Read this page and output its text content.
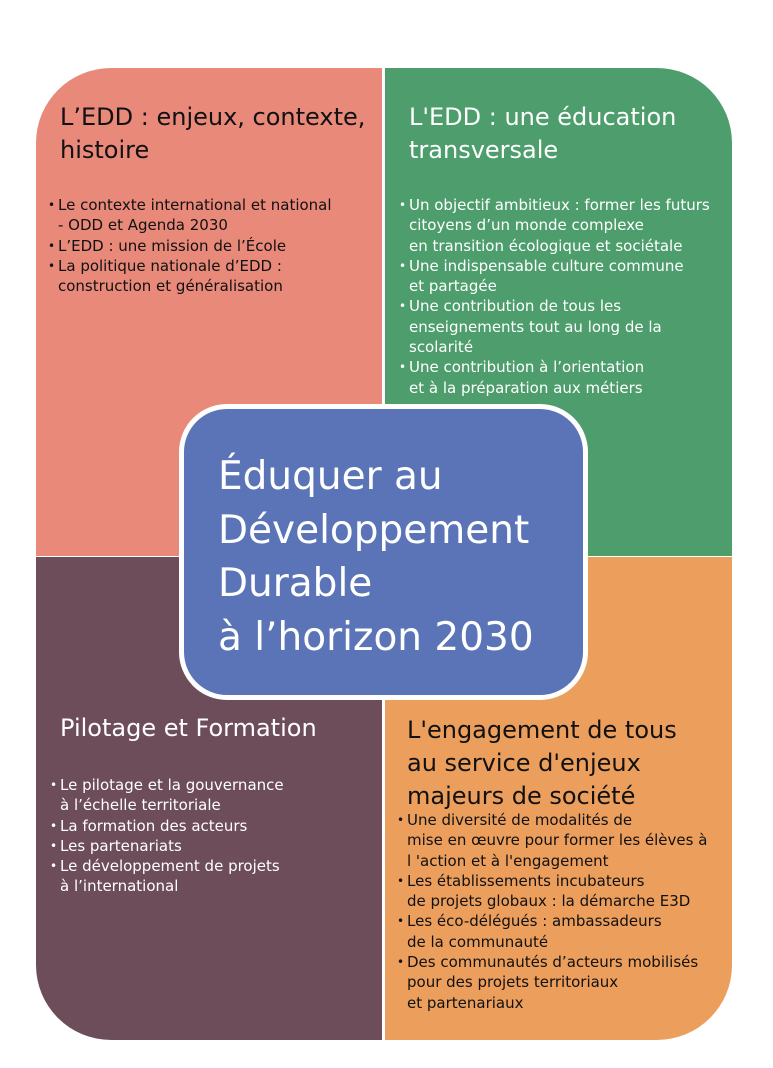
L’EDD : enjeux, contexte,
histoire
• Le contexte international et national
- ODD et Agenda 2030
• L’EDD : une mission de l’École
• La politique nationale d’EDD :
construction et généralisation
L'EDD : une éducation
transversale
• Un objectif ambitieux : former les futurs
citoyens d’un monde complexe
en transition écologique et sociétale
• Une indispensable culture commune
et partagée
• Une contribution de tous les
enseignements tout au long de la
scolarité
• Une contribution à l’orientation
et à la préparation aux métiers
Pilotage et Formation
• Le pilotage et la gouvernance
à l’échelle territoriale
• La formation des acteurs
• Les partenariats
• Le développement de projets
à l’international
L'engagement de tous
au service d'enjeux
majeurs de société
• Une diversité de modalités de
mise en œuvre pour former les élèves à
l 'action et à l'engagement
• Les établissements incubateurs
de projets globaux : la démarche E3D
• Les éco-délégués : ambassadeurs
de la communauté
• Des communautés d’acteurs mobilisés
pour des projets territoriaux
et partenariaux
Éduquer au
Développement
Durable
à l’horizon 2030
